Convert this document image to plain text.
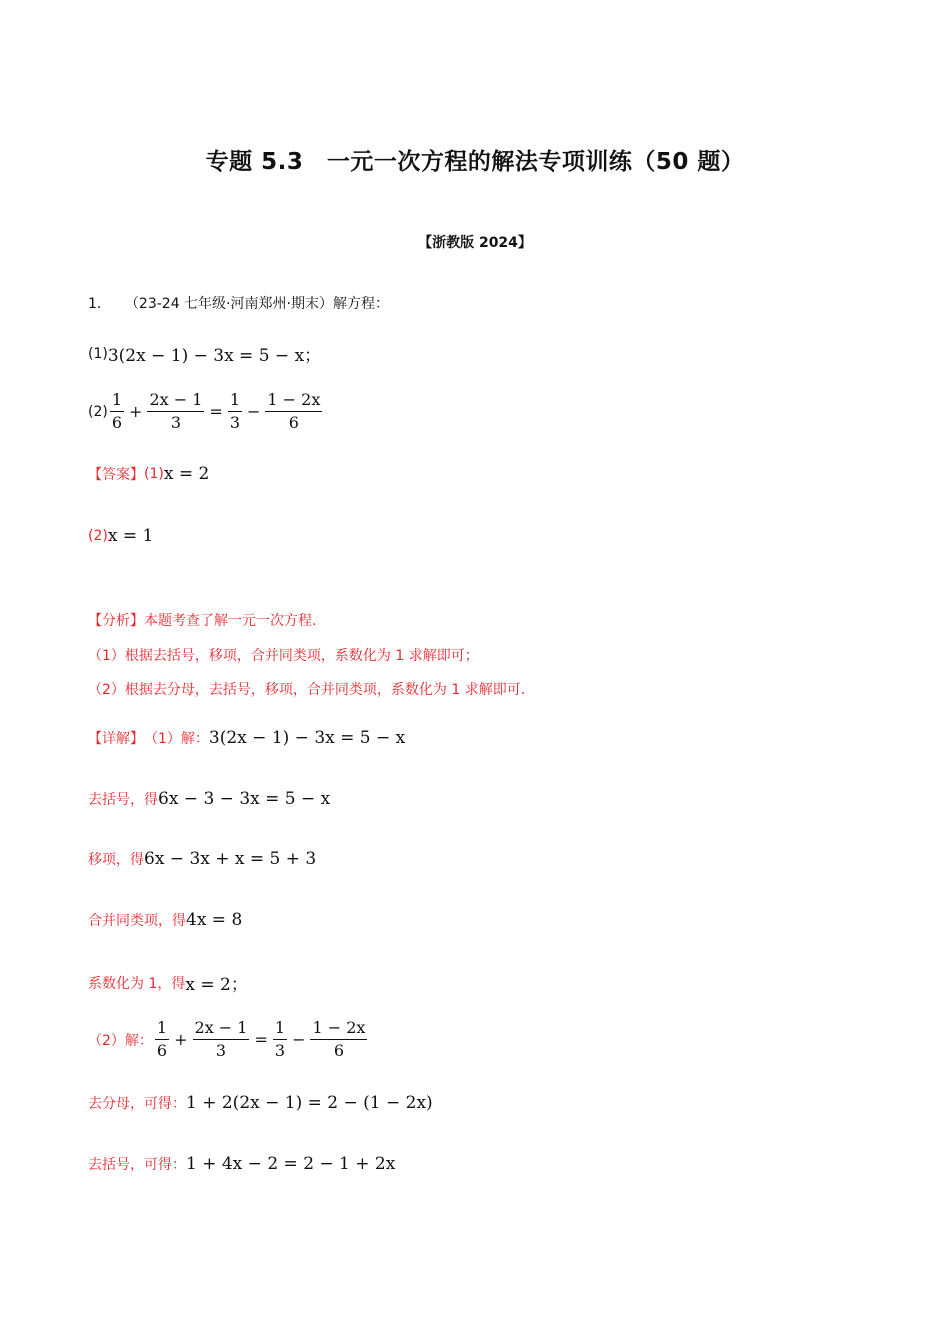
专题 5.3　一元一次方程的解法专项训练（50 题）
【浙教版 2024】
1． （23-24 七年级·河南郑州·期末）解方程：
(1) 3(2x − 1) − 3x = 5 − x；
$(2) \frac{1}{6} + \frac{2x - 1}{3} = \frac{1}{3} - \frac{1 - 2x}{6}$
【答案】 (1) x = 2
(2) x = 1
【分析】 本题考查了解一元一次方程.
（1）根据去括号，移项，合并同类项，系数化为 1 求解即可；
（2）根据去分母，去括号，移项，合并同类项，系数化为 1 求解即可.
【详解】 （1）解： 3(2x − 1) − 3x = 5 − x
去括号，得 6x − 3 − 3x = 5 − x
移项，得 6x − 3x + x = 5 + 3
合并同类项，得 4x = 8
系数化为 1，得 x = 2；
（2）解： $\frac{1}{6} + \frac{2x - 1}{3} = \frac{1}{3} - \frac{1 - 2x}{6}$
去分母，可得： 1 + 2(2x − 1) = 2 − (1 − 2x)
去括号，可得： 1 + 4x − 2 = 2 − 1 + 2x
